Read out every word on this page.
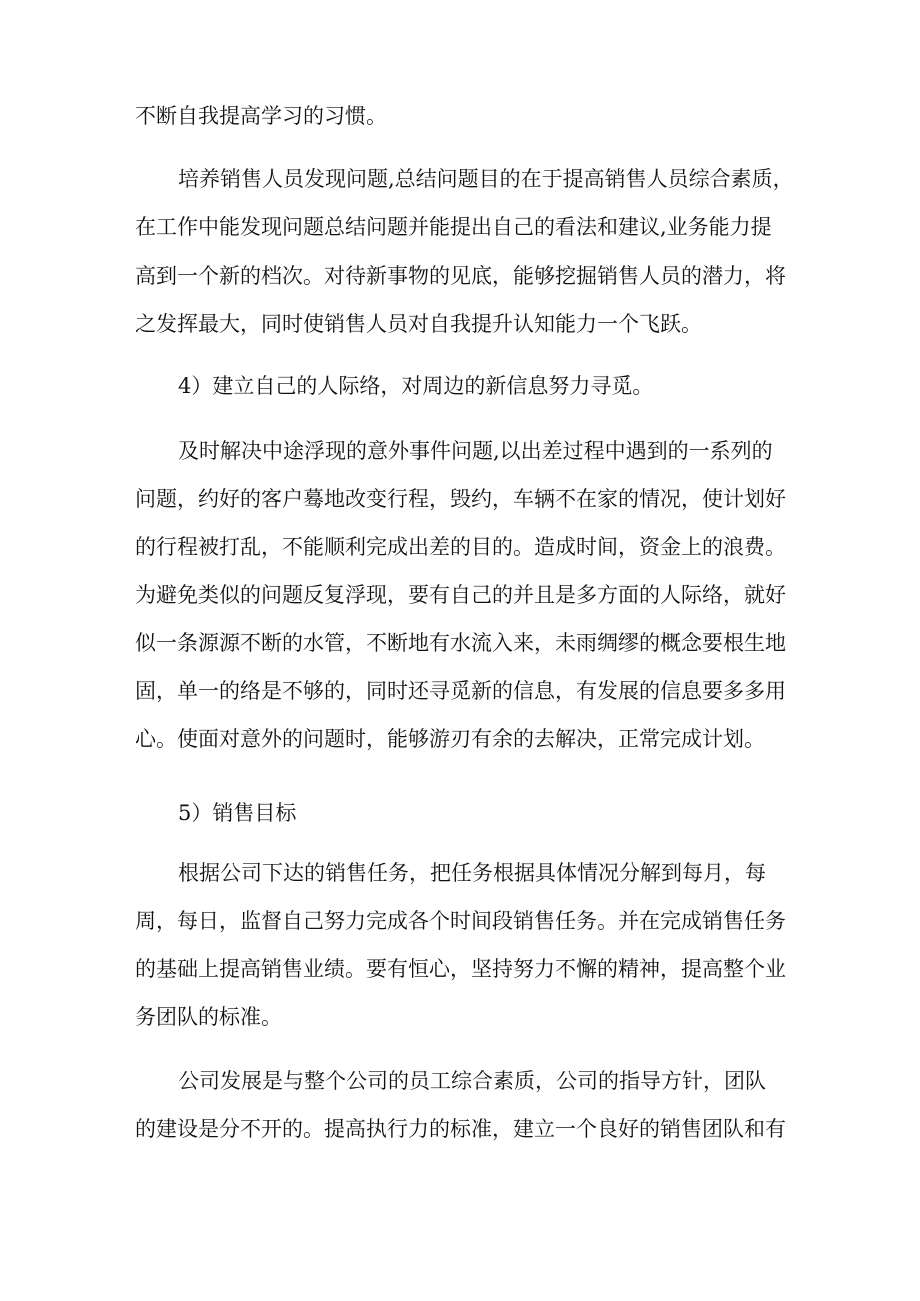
不断自我提高学习的习惯。
培养销售人员发现问题,总结问题目的在于提高销售人员综合素质，
在工作中能发现问题总结问题并能提出自己的看法和建议,业务能力提
高到一个新的档次。对待新事物的见底，能够挖掘销售人员的潜力，将
之发挥最大，同时使销售人员对自我提升认知能力一个飞跃。
4）建立自己的人际络，对周边的新信息努力寻觅。
及时解决中途浮现的意外事件问题,以出差过程中遇到的一系列的
问题，约好的客户蓦地改变行程，毁约，车辆不在家的情况，使计划好
的行程被打乱，不能顺利完成出差的目的。造成时间，资金上的浪费。
为避免类似的问题反复浮现，要有自己的并且是多方面的人际络，就好
似一条源源不断的水管，不断地有水流入来，未雨绸缪的概念要根生地
固，单一的络是不够的，同时还寻觅新的信息，有发展的信息要多多用
心。使面对意外的问题时，能够游刃有余的去解决，正常完成计划。
5）销售目标
根据公司下达的销售任务，把任务根据具体情况分解到每月，每
周，每日，监督自己努力完成各个时间段销售任务。并在完成销售任务
的基础上提高销售业绩。要有恒心，坚持努力不懈的精神，提高整个业
务团队的标准。
公司发展是与整个公司的员工综合素质，公司的指导方针，团队
的建设是分不开的。提高执行力的标准，建立一个良好的销售团队和有
